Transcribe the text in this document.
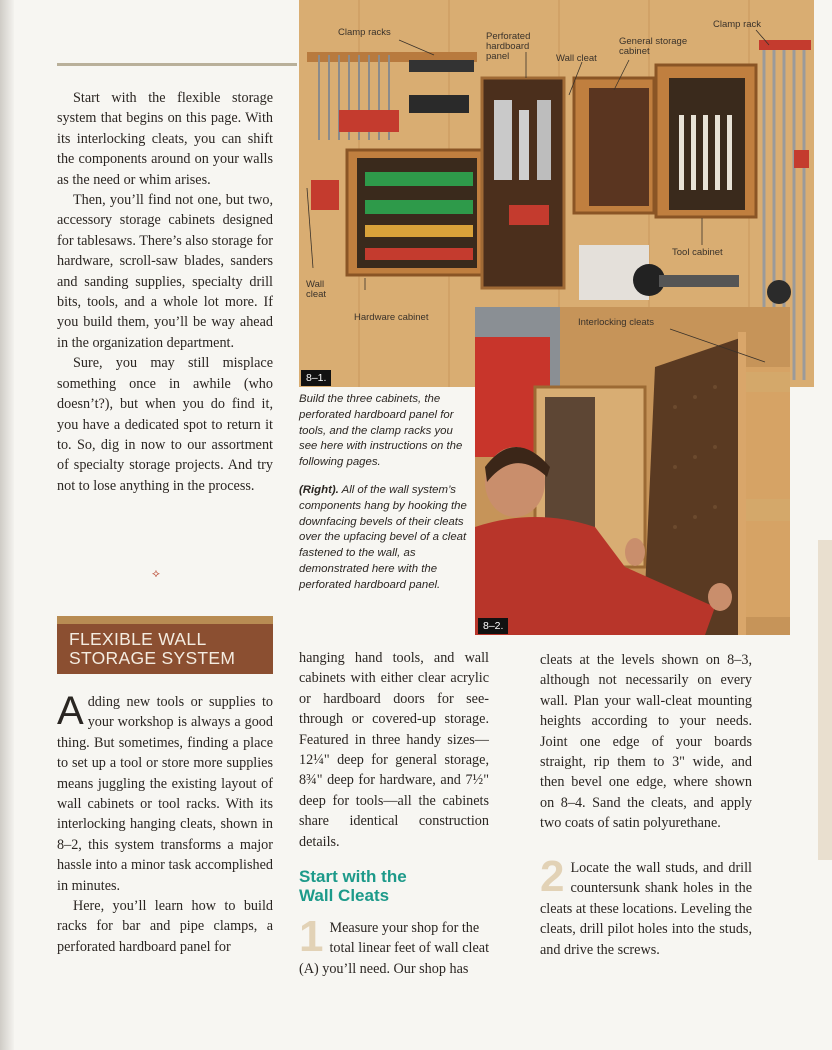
Clamp racks	Perforated
hardboard
panel	Wall cleat
General storage
cabinet
Clamp rack
Tool cabinet
Wall
cleat
Hardware cabinet
8–1.
Interlocking cleats
8–2.

Build the three cabinets, the perforated hardboard panel for tools, and the clamp racks you see here with instructions on the following pages.

(Right). All of the wall system’s components hang by hooking the downfacing bevels of their cleats over the upfacing bevel of a cleat fastened to the wall, as demonstrated here with the perforated hardboard panel.

Start with the flexible storage system that begins on this page. With its interlocking cleats, you can shift the components around on your walls as the need or whim arises.

Then, you’ll find not one, but two, accessory storage cabinets designed for tablesaws. There’s also storage for hardware, scroll-saw blades, sanders and sanding supplies, specialty drill bits, tools, and a whole lot more. If you build them, you’ll be way ahead in the organization department.

Sure, you may still misplace something once in awhile (who doesn’t?), but when you do find it, you have a dedicated spot to return it to. So, dig in now to our assortment of specialty storage projects. And try not to lose anything in the process.

⟡
FLEXIBLE WALL
STORAGE SYSTEM

Adding new tools or supplies to your workshop is always a good thing. But sometimes, finding a place to set up a tool or store more supplies means juggling the existing layout of wall cabinets or tool racks. With its interlocking hanging cleats, shown in 8–2, this system transforms a major hassle into a minor task accomplished in minutes.

Here, you’ll learn how to build racks for bar and pipe clamps, a perforated hardboard panel for

hanging hand tools, and wall cabinets with either clear acrylic or hardboard doors for see-through or covered-up storage. Featured in three handy sizes—12¼" deep for general storage, 8¾" deep for hardware, and 7½" deep for tools—all the cabinets share identical construction details.

Start with the
Wall Cleats

1 Measure your shop for the total linear feet of wall cleat (A) you’ll need. Our shop has

cleats at the levels shown on 8–3, although not necessarily on every wall. Plan your wall-cleat mounting heights according to your needs. Joint one edge of your boards straight, rip them to 3" wide, and then bevel one edge, where shown on 8–4. Sand the cleats, and apply two coats of satin polyurethane.

2 Locate the wall studs, and drill countersunk shank holes in the cleats at these locations. Leveling the cleats, drill pilot holes into the studs, and drive the screws.
